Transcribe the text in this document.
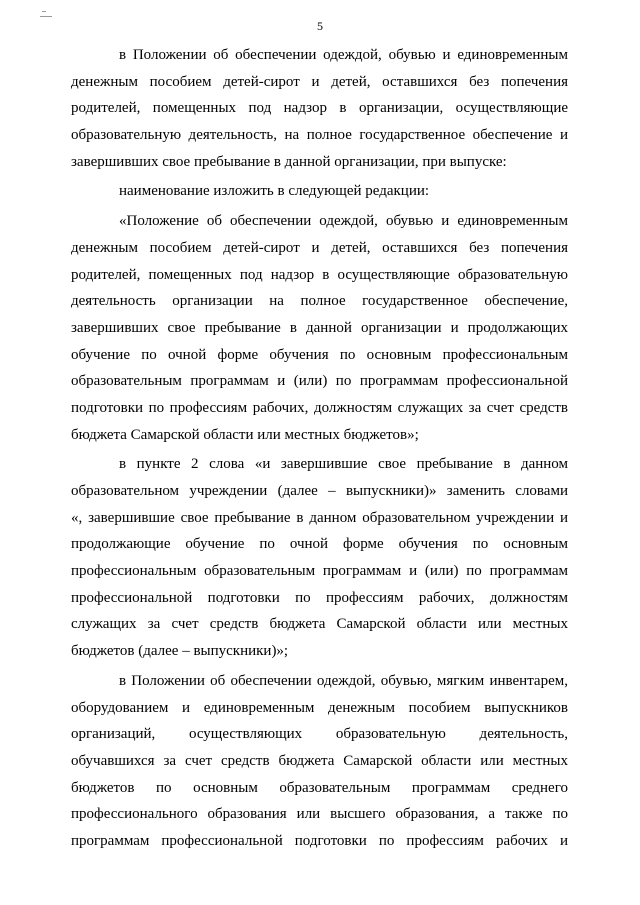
5
в Положении об обеспечении одеждой, обувью и единовременным
денежным пособием детей-сирот и детей, оставшихся без попечения
родителей, помещенных под надзор в организации, осуществляющие
образовательную деятельность, на полное государственное обеспечение и
завершивших свое пребывание в данной организации, при выпуске:
наименование изложить в следующей редакции:
«Положение об обеспечении одеждой, обувью и единовременным
денежным пособием детей-сирот и детей, оставшихся без попечения
родителей, помещенных под надзор в осуществляющие образовательную
деятельность организации на полное государственное обеспечение,
завершивших свое пребывание в данной организации и продолжающих
обучение по очной форме обучения по основным профессиональным
образовательным программам и (или) по программам профессиональной
подготовки по профессиям рабочих, должностям служащих за счет средств
бюджета Самарской области или местных бюджетов»;
в пункте 2 слова «и завершившие свое пребывание в данном
образовательном учреждении (далее – выпускники)» заменить словами
«, завершившие свое пребывание в данном образовательном учреждении и
продолжающие обучение по очной форме обучения по основным
профессиональным образовательным программам и (или) по программам
профессиональной подготовки по профессиям рабочих, должностям
служащих за счет средств бюджета Самарской области или местных
бюджетов (далее – выпускники)»;
в Положении об обеспечении одеждой, обувью, мягким инвентарем,
оборудованием и единовременным денежным пособием выпускников
организаций, осуществляющих образовательную деятельность,
обучавшихся за счет средств бюджета Самарской области или местных
бюджетов по основным образовательным программам среднего
профессионального образования или высшего образования, а также по
программам профессиональной подготовки по профессиям рабочих и
